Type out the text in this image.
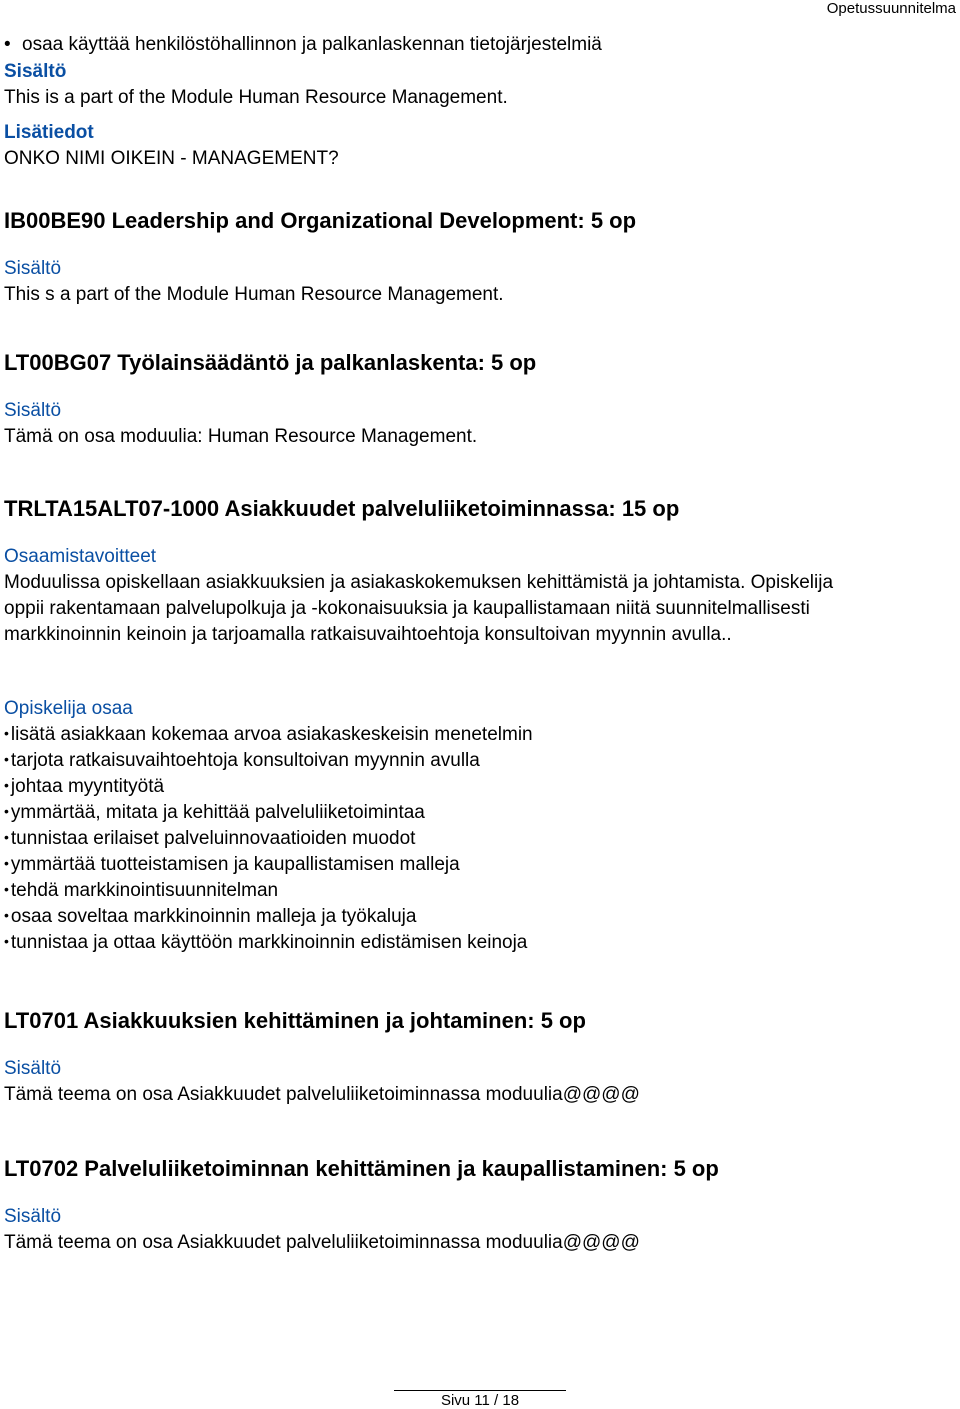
Opetussuunnitelma

• osaa käyttää henkilöstöhallinnon ja palkanlaskennan tietojärjestelmiä

Sisältö

This is a part of the Module Human Resource Management.

Lisätiedot

ONKO NIMI OIKEIN - MANAGEMENT?

IB00BE90 Leadership and Organizational Development: 5 op

Sisältö

This s a part of the Module Human Resource Management.

LT00BG07 Työlainsäädäntö ja palkanlaskenta: 5 op

Sisältö

Tämä on osa moduulia: Human Resource Management.

TRLTA15ALT07-1000 Asiakkuudet palveluliiketoiminnassa: 15 op

Osaamistavoitteet

Moduulissa opiskellaan asiakkuuksien ja asiakaskokemuksen kehittämistä ja johtamista. Opiskelija

oppii rakentamaan palvelupolkuja ja -kokonaisuuksia ja kaupallistamaan niitä suunnitelmallisesti

markkinoinnin keinoin ja tarjoamalla ratkaisuvaihtoehtoja konsultoivan myynnin avulla..

Opiskelija osaa

• lisätä asiakkaan kokemaa arvoa asiakaskeskeisin menetelmin
• tarjota ratkaisuvaihtoehtoja konsultoivan myynnin avulla
• johtaa myyntityötä
• ymmärtää, mitata ja kehittää palveluliiketoimintaa
• tunnistaa erilaiset palveluinnovaatioiden muodot
• ymmärtää tuotteistamisen ja kaupallistamisen malleja
• tehdä markkinointisuunnitelman
• osaa soveltaa markkinoinnin malleja ja työkaluja
• tunnistaa ja ottaa käyttöön markkinoinnin edistämisen keinoja

LT0701 Asiakkuuksien kehittäminen ja johtaminen: 5 op

Sisältö

Tämä teema on osa Asiakkuudet palveluliiketoiminnassa moduulia@@@@

LT0702 Palveluliiketoiminnan kehittäminen ja kaupallistaminen: 5 op

Sisältö

Tämä teema on osa Asiakkuudet palveluliiketoiminnassa moduulia@@@@

Sivu 11 / 18
